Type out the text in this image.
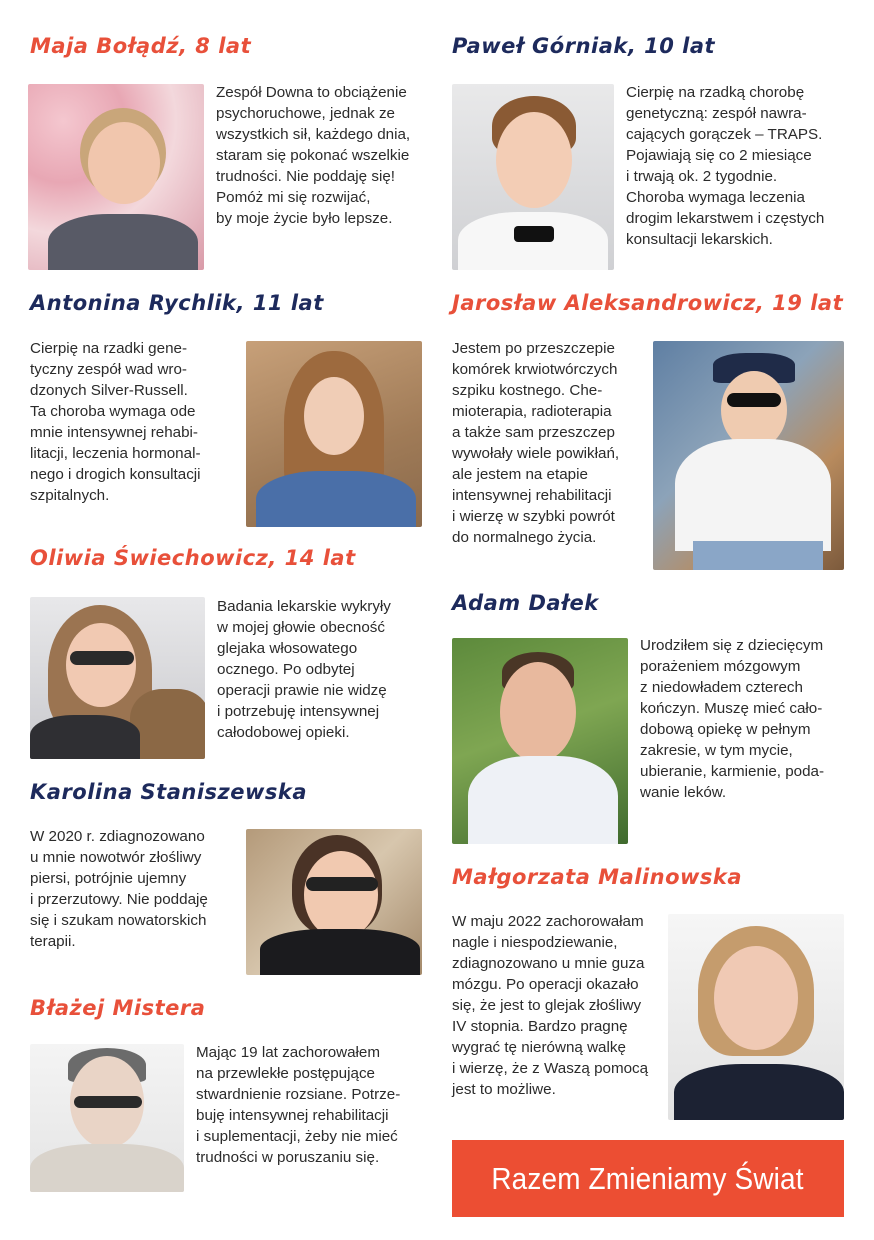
Maja Bołądź, 8 lat

Zespół Downa to obciążenie

psychoruchowe, jednak ze

wszystkich sił, każdego dnia,

staram się pokonać wszelkie

trudności. Nie poddaję się!

Pomóż mi się rozwijać,

by moje życie było lepsze.

Paweł Górniak, 10 lat

Cierpię na rzadką chorobę

genetyczną: zespół nawra-

cających gorączek – TRAPS.

Pojawiają się co 2 miesiące

i trwają ok. 2 tygodnie.

Choroba wymaga leczenia

drogim lekarstwem i częstych

konsultacji lekarskich.

Antonina Rychlik, 11 lat

Cierpię na rzadki gene-

tyczny zespół wad wro-

dzonych Silver-Russell.

Ta choroba wymaga ode

mnie intensywnej rehabi-

litacji, leczenia hormonal-

nego i drogich konsultacji

szpitalnych.

Jarosław Aleksandrowicz, 19 lat

Jestem po przeszczepie

komórek krwiotwórczych

szpiku kostnego. Che-

mioterapia, radioterapia

a także sam przeszczep

wywołały wiele powikłań,

ale jestem na etapie

intensywnej rehabilitacji

i wierzę w szybki powrót

do normalnego życia.

Oliwia Świechowicz, 14 lat

Badania lekarskie wykryły

w mojej głowie obecność

glejaka włosowatego

ocznego. Po odbytej

operacji prawie nie widzę

i potrzebuję intensywnej

całodobowej opieki.

Adam Dałek

Urodziłem się z dziecięcym

porażeniem mózgowym

z niedowładem czterech

kończyn. Muszę mieć cało-

dobową opiekę w pełnym

zakresie, w tym mycie,

ubieranie, karmienie, poda-

wanie leków.

Karolina Staniszewska

W 2020 r. zdiagnozowano

u mnie nowotwór złośliwy

piersi, potrójnie ujemny

i przerzutowy. Nie poddaję

się i szukam nowatorskich

terapii.

Małgorzata Malinowska

W maju 2022 zachorowałam

nagle i niespodziewanie,

zdiagnozowano u mnie guza

mózgu. Po operacji okazało

się, że jest to glejak złośliwy

IV stopnia. Bardzo pragnę

wygrać tę nierówną walkę

i wierzę, że z Waszą pomocą

jest to możliwe.

Błażej Mistera

Mając 19 lat zachorowałem

na przewlekłe postępujące

stwardnienie rozsiane. Potrze-

buję intensywnej rehabilitacji

i suplementacji, żeby nie mieć

trudności w poruszaniu się.

Razem Zmieniamy Świat
